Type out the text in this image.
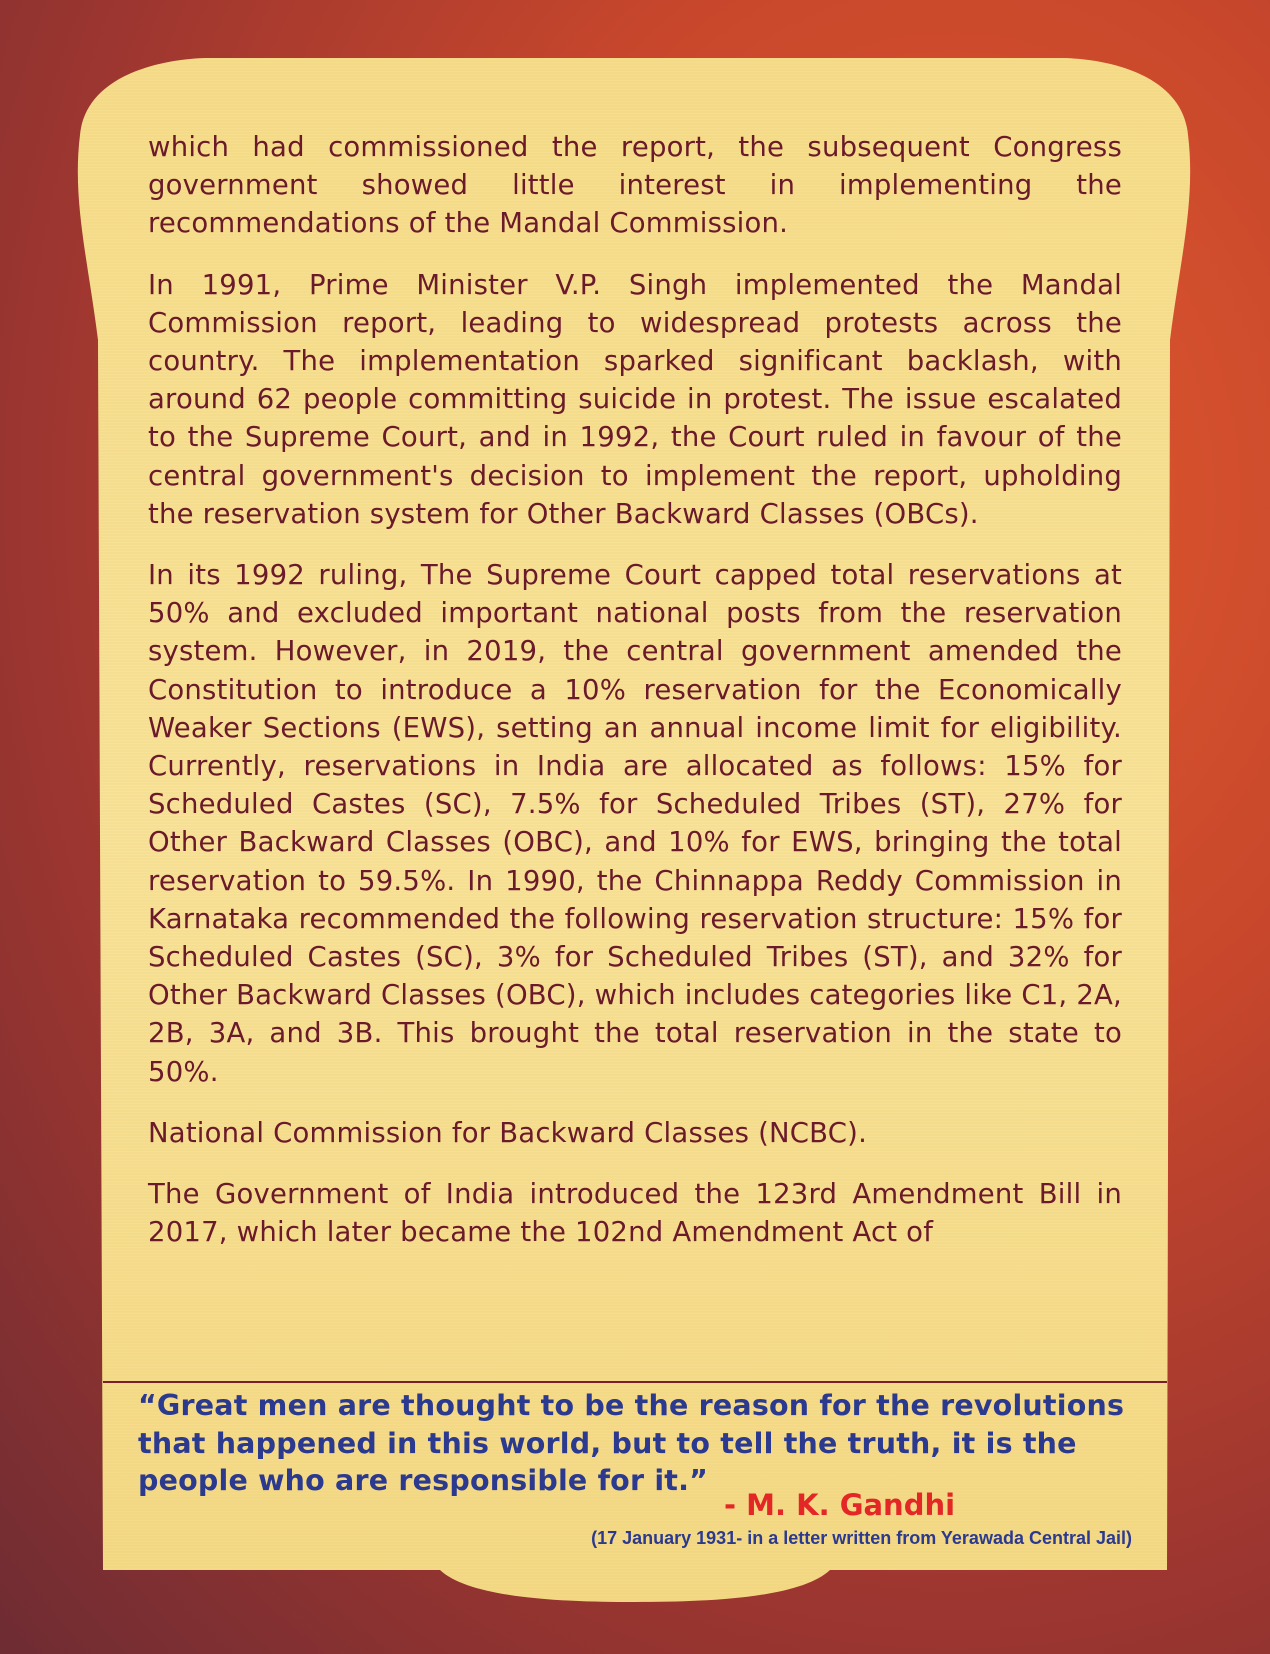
which had commissioned the report, the subsequent Congress government showed little interest in implementing the recommendations of the Mandal Commission.

In 1991, Prime Minister V.P. Singh implemented the Mandal Commission report, leading to widespread protests across the country. The implementation sparked significant backlash, with around 62 people committing suicide in protest. The issue escalated to the Supreme Court, and in 1992, the Court ruled in favour of the central government's decision to implement the report, upholding the reservation system for Other Backward Classes (OBCs).

In its 1992 ruling, The Supreme Court capped total reservations at 50% and excluded important national posts from the reservation system. However, in 2019, the central government amended the Constitution to introduce a 10% reservation for the Economically Weaker Sections (EWS), setting an annual income limit for eligibility. Currently, reservations in India are allocated as follows: 15% for Scheduled Castes (SC), 7.5% for Scheduled Tribes (ST), 27% for Other Backward Classes (OBC), and 10% for EWS, bringing the total reservation to 59.5%. In 1990, the Chinnappa Reddy Commission in Karnataka recommended the following reservation structure: 15% for Scheduled Castes (SC), 3% for Scheduled Tribes (ST), and 32% for Other Backward Classes (OBC), which includes categories like C1, 2A, 2B, 3A, and 3B. This brought the total reservation in the state to 50%.

National Commission for Backward Classes (NCBC).

The Government of India introduced the 123rd Amendment Bill in 2017, which later became the 102nd Amendment Act of

“Great men are thought to be the reason for the revolutions that happened in this world, but to tell the truth, it is the people who are responsible for it.”
- M. K. Gandhi
(17 January 1931- in a letter written from Yerawada Central Jail)
